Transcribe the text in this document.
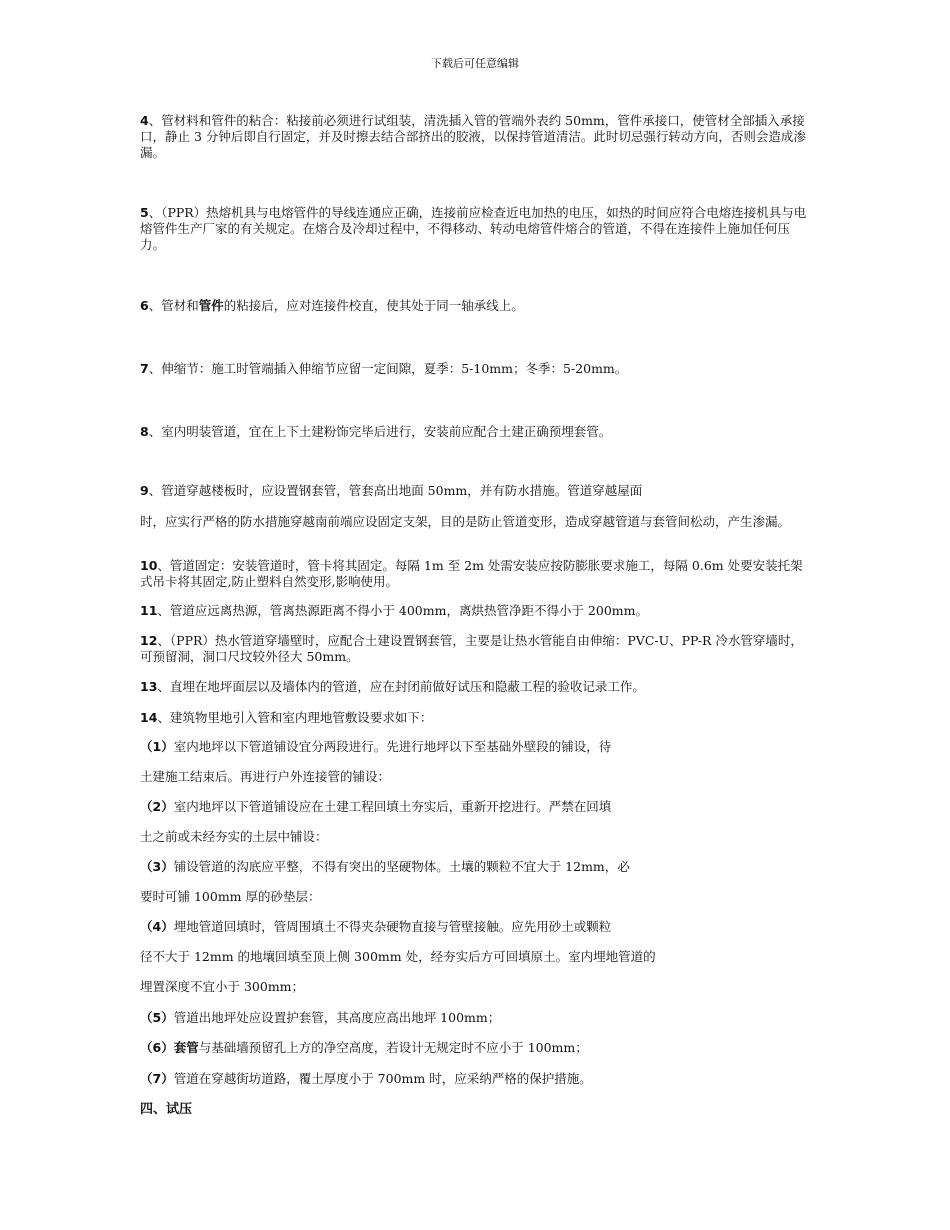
下载后可任意编辑
4、管材料和管件的粘合：粘接前必须进行试组装，清洗插入管的管端外表约 50mm，管件承接口，使管材全部插入承接口，静止 3 分钟后即自行固定，并及时擦去结合部挤出的胶液，以保持管道清洁。此时切忌强行转动方向，否则会造成渗漏。
5、（PPR）热熔机具与电熔管件的导线连通应正确，连接前应检查近电加热的电压，如热的时间应符合电熔连接机具与电熔管件生产厂家的有关规定。在熔合及冷却过程中，不得移动、转动电熔管件熔合的管道，不得在连接件上施加任何压力。
6、管材和管件的粘接后，应对连接件校直，使其处于同一轴承线上。
7、伸缩节：施工时管端插入伸缩节应留一定间隙，夏季：5-10mm；冬季：5-20mm。
8、室内明装管道，宜在上下土建粉饰完毕后进行，安装前应配合土建正确预埋套管。
9、管道穿越楼板时，应设置钢套管，管套高出地面 50mm，并有防水措施。管道穿越屋面
时，应实行严格的防水措施穿越南前端应设固定支架，目的是防止管道变形，造成穿越管道与套管间松动，产生渗漏。
10、管道固定：安装管道时，管卡将其固定。每隔 1m 至 2m 处需安装应按防膨胀要求施工，每隔 0.6m 处要安装托架式吊卡将其固定,防止塑料自然变形,影响使用。
11、管道应远离热源，管离热源距离不得小于 400mm，离烘热管净距不得小于 200mm。
12、（PPR）热水管道穿墙壁时，应配合土建设置钢套管，主要是让热水管能自由伸缩：PVC-U、PP-R 冷水管穿墙时，可预留洞，洞口尺坟较外径大 50mm。
13、直埋在地坪面层以及墙体内的管道，应在封闭前做好试压和隐蔽工程的验收记录工作。
14、建筑物里地引入管和室内理地管敷设要求如下：
（1）室内地坪以下管道铺设宜分两段进行。先进行地坪以下至基础外壁段的铺设，待
土建施工结束后。再进行户外连接管的铺设：
（2）室内地坪以下管道铺设应在土建工程回填土夯实后，重新开挖进行。严禁在回填
土之前或未经夯实的土层中铺设：
（3）铺设管道的沟底应平整，不得有突出的坚硬物体。土壤的颗粒不宜大于 12mm，必
要时可铺 100mm 厚的砂垫层：
（4）埋地管道回填时，管周围填土不得夹杂硬物直接与管壁接触。应先用砂土或颗粒
径不大于 12mm 的地壤回填至顶上侧 300mm 处，经夯实后方可回填原土。室内埋地管道的
埋置深度不宜小于 300mm；
（5）管道出地坪处应设置护套管，其高度应高出地坪 100mm；
（6）套管与基础墙预留孔上方的净空高度，若设计无规定时不应小于 100mm；
（7）管道在穿越街坊道路，覆土厚度小于 700mm 时，应采纳严格的保护措施。
四、试压
